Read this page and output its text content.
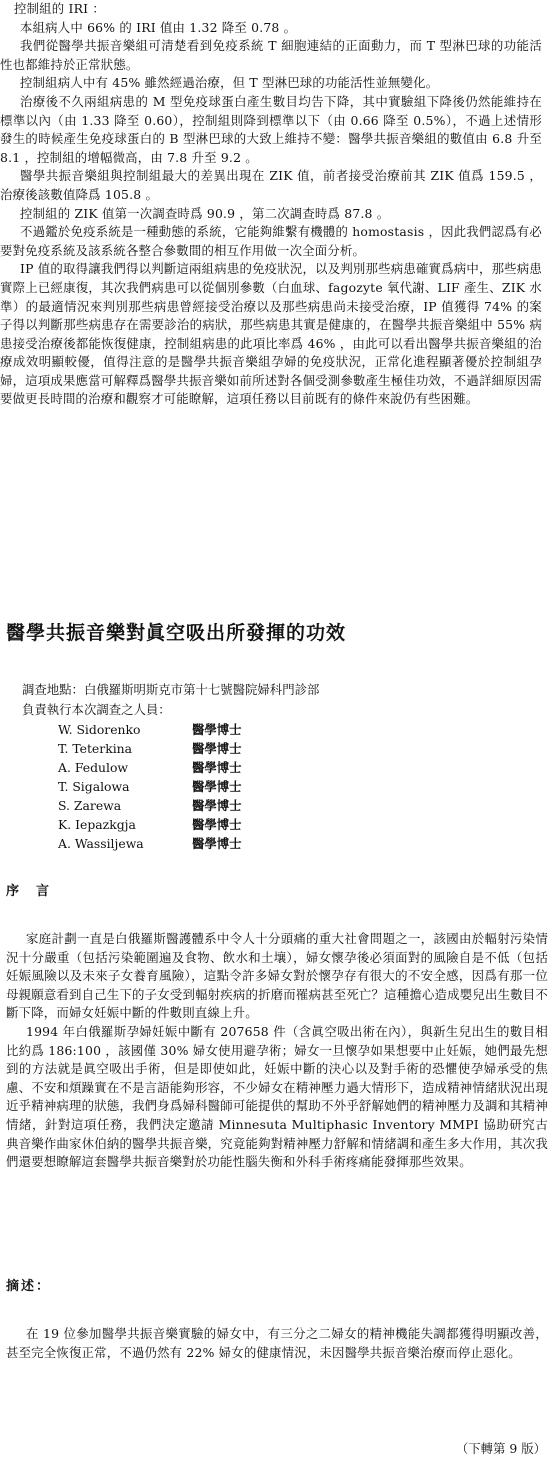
控制組的 IRI ：

本組病人中 66% 的 IRI 值由 1.32 降至 0.78 。

我們從醫學共振音樂組可清楚看到免疫系統 T 細胞連結的正面動力，而 T 型淋巴球的功能活性也都維持於正常狀態。

控制組病人中有 45% 雖然經過治療，但 T 型淋巴球的功能活性並無變化。

治療後不久兩組病患的 M 型免疫球蛋白產生數目均告下降，其中實驗組下降後仍然能維持在標準以內（由 1.33 降至 0.60），控制組則降到標準以下（由 0.66 降至 0.5%），不過上述情形發生的時候產生免疫球蛋白的 B 型淋巴球的大致上維持不變：醫學共振音樂組的數值由 6.8 升至 8.1 ，控制組的增幅微高，由 7.8 升至 9.2 。

醫學共振音樂組與控制組最大的差異出現在 ZIK 值，前者接受治療前其 ZIK 值爲 159.5 ，治療後該數值降爲 105.8 。

控制組的 ZIK 值第一次調查時爲 90.9 ，第二次調查時爲 87.8 。

不過鑑於免疫系統是一種動態的系統，它能夠維繫有機體的 homostasis ，因此我們認爲有必要對免疫系統及該系統各整合參數間的相互作用做一次全面分析。

IP 值的取得讓我們得以判斷這兩組病患的免疫狀況，以及判別那些病患確實爲病中，那些病患實際上已經康復，其次我們病患可以從個別參數（白血球、fagozyte 氧代謝、LIF 產生、ZIK 水準）的最適情況來判別那些病患曾經接受治療以及那些病患尚未接受治療，IP 值獲得 74% 的案子得以判斷那些病患存在需要診治的病狀，那些病患其實是健康的，在醫學共振音樂組中 55% 病患接受治療後都能恢復健康，控制組病患的此項比率爲 46% ，由此可以看出醫學共振音樂組的治療成效明顯較優，值得注意的是醫學共振音樂組孕婦的免疫狀況，正常化進程顯著優於控制組孕婦，這項成果應當可解釋爲醫學共振音樂如前所述對各個受測參數產生極佳功效，不過詳細原因需要做更長時間的治療和觀察才可能瞭解，這項任務以目前既有的條件來說仍有些困難。

醫學共振音樂對眞空吸出所發揮的功效

調查地點：白俄羅斯明斯克市第十七號醫院婦科門診部

負責執行本次調查之人員：

W. Sidorenko	醫學博士
T. Teterkina	醫學博士
A. Fedulow	醫學博士
T. Sigalowa	醫學博士
S. Zarewa	醫學博士
K. Iepazkgja	醫學博士
A. Wassiljewa	醫學博士
序　言

家庭計劃一直是白俄羅斯醫護體系中令人十分頭痛的重大社會問題之一，該國由於輻射污染情況十分嚴重（包括污染範圍遍及食物、飲水和土壤），婦女懷孕後必須面對的風險自是不低（包括妊娠風險以及未來子女養育風險），這點令許多婦女對於懷孕存有很大的不安全感，因爲有那一位母親願意看到自己生下的子女受到輻射疾病的折磨而罹病甚至死亡？這種擔心造成嬰兒出生數目不斷下降，而婦女妊娠中斷的件數則直線上升。

1994 年白俄羅斯孕婦妊娠中斷有 207658 件（含眞空吸出術在內），與新生兒出生的數目相比約爲 186:100 ，該國僅 30% 婦女使用避孕術；婦女一旦懷孕如果想要中止妊娠，她們最先想到的方法就是眞空吸出手術，但是即使如此，妊娠中斷的決心以及對手術的恐懼使孕婦承受的焦慮、不安和煩躁實在不是言語能夠形容，不少婦女在精神壓力過大情形下，造成精神情緒狀況出現近乎精神病理的狀態，我們身爲婦科醫師可能提供的幫助不外乎舒解她們的精神壓力及調和其精神情緒，針對這項任務，我們決定邀請 Minnesuta Multiphasic Inventory MMPI 協助研究古典音樂作曲家休伯納的醫學共振音樂，究竟能夠對精神壓力舒解和情緒調和產生多大作用，其次我們還要想瞭解這套醫學共振音樂對於功能性腦失衡和外科手術疼痛能發揮那些效果。

摘述：

在 19 位參加醫學共振音樂實驗的婦女中，有三分之二婦女的精神機能失調都獲得明顯改善，甚至完全恢復正常，不過仍然有 22% 婦女的健康情況，未因醫學共振音樂治療而停止惡化。

（下轉第 9 版）
